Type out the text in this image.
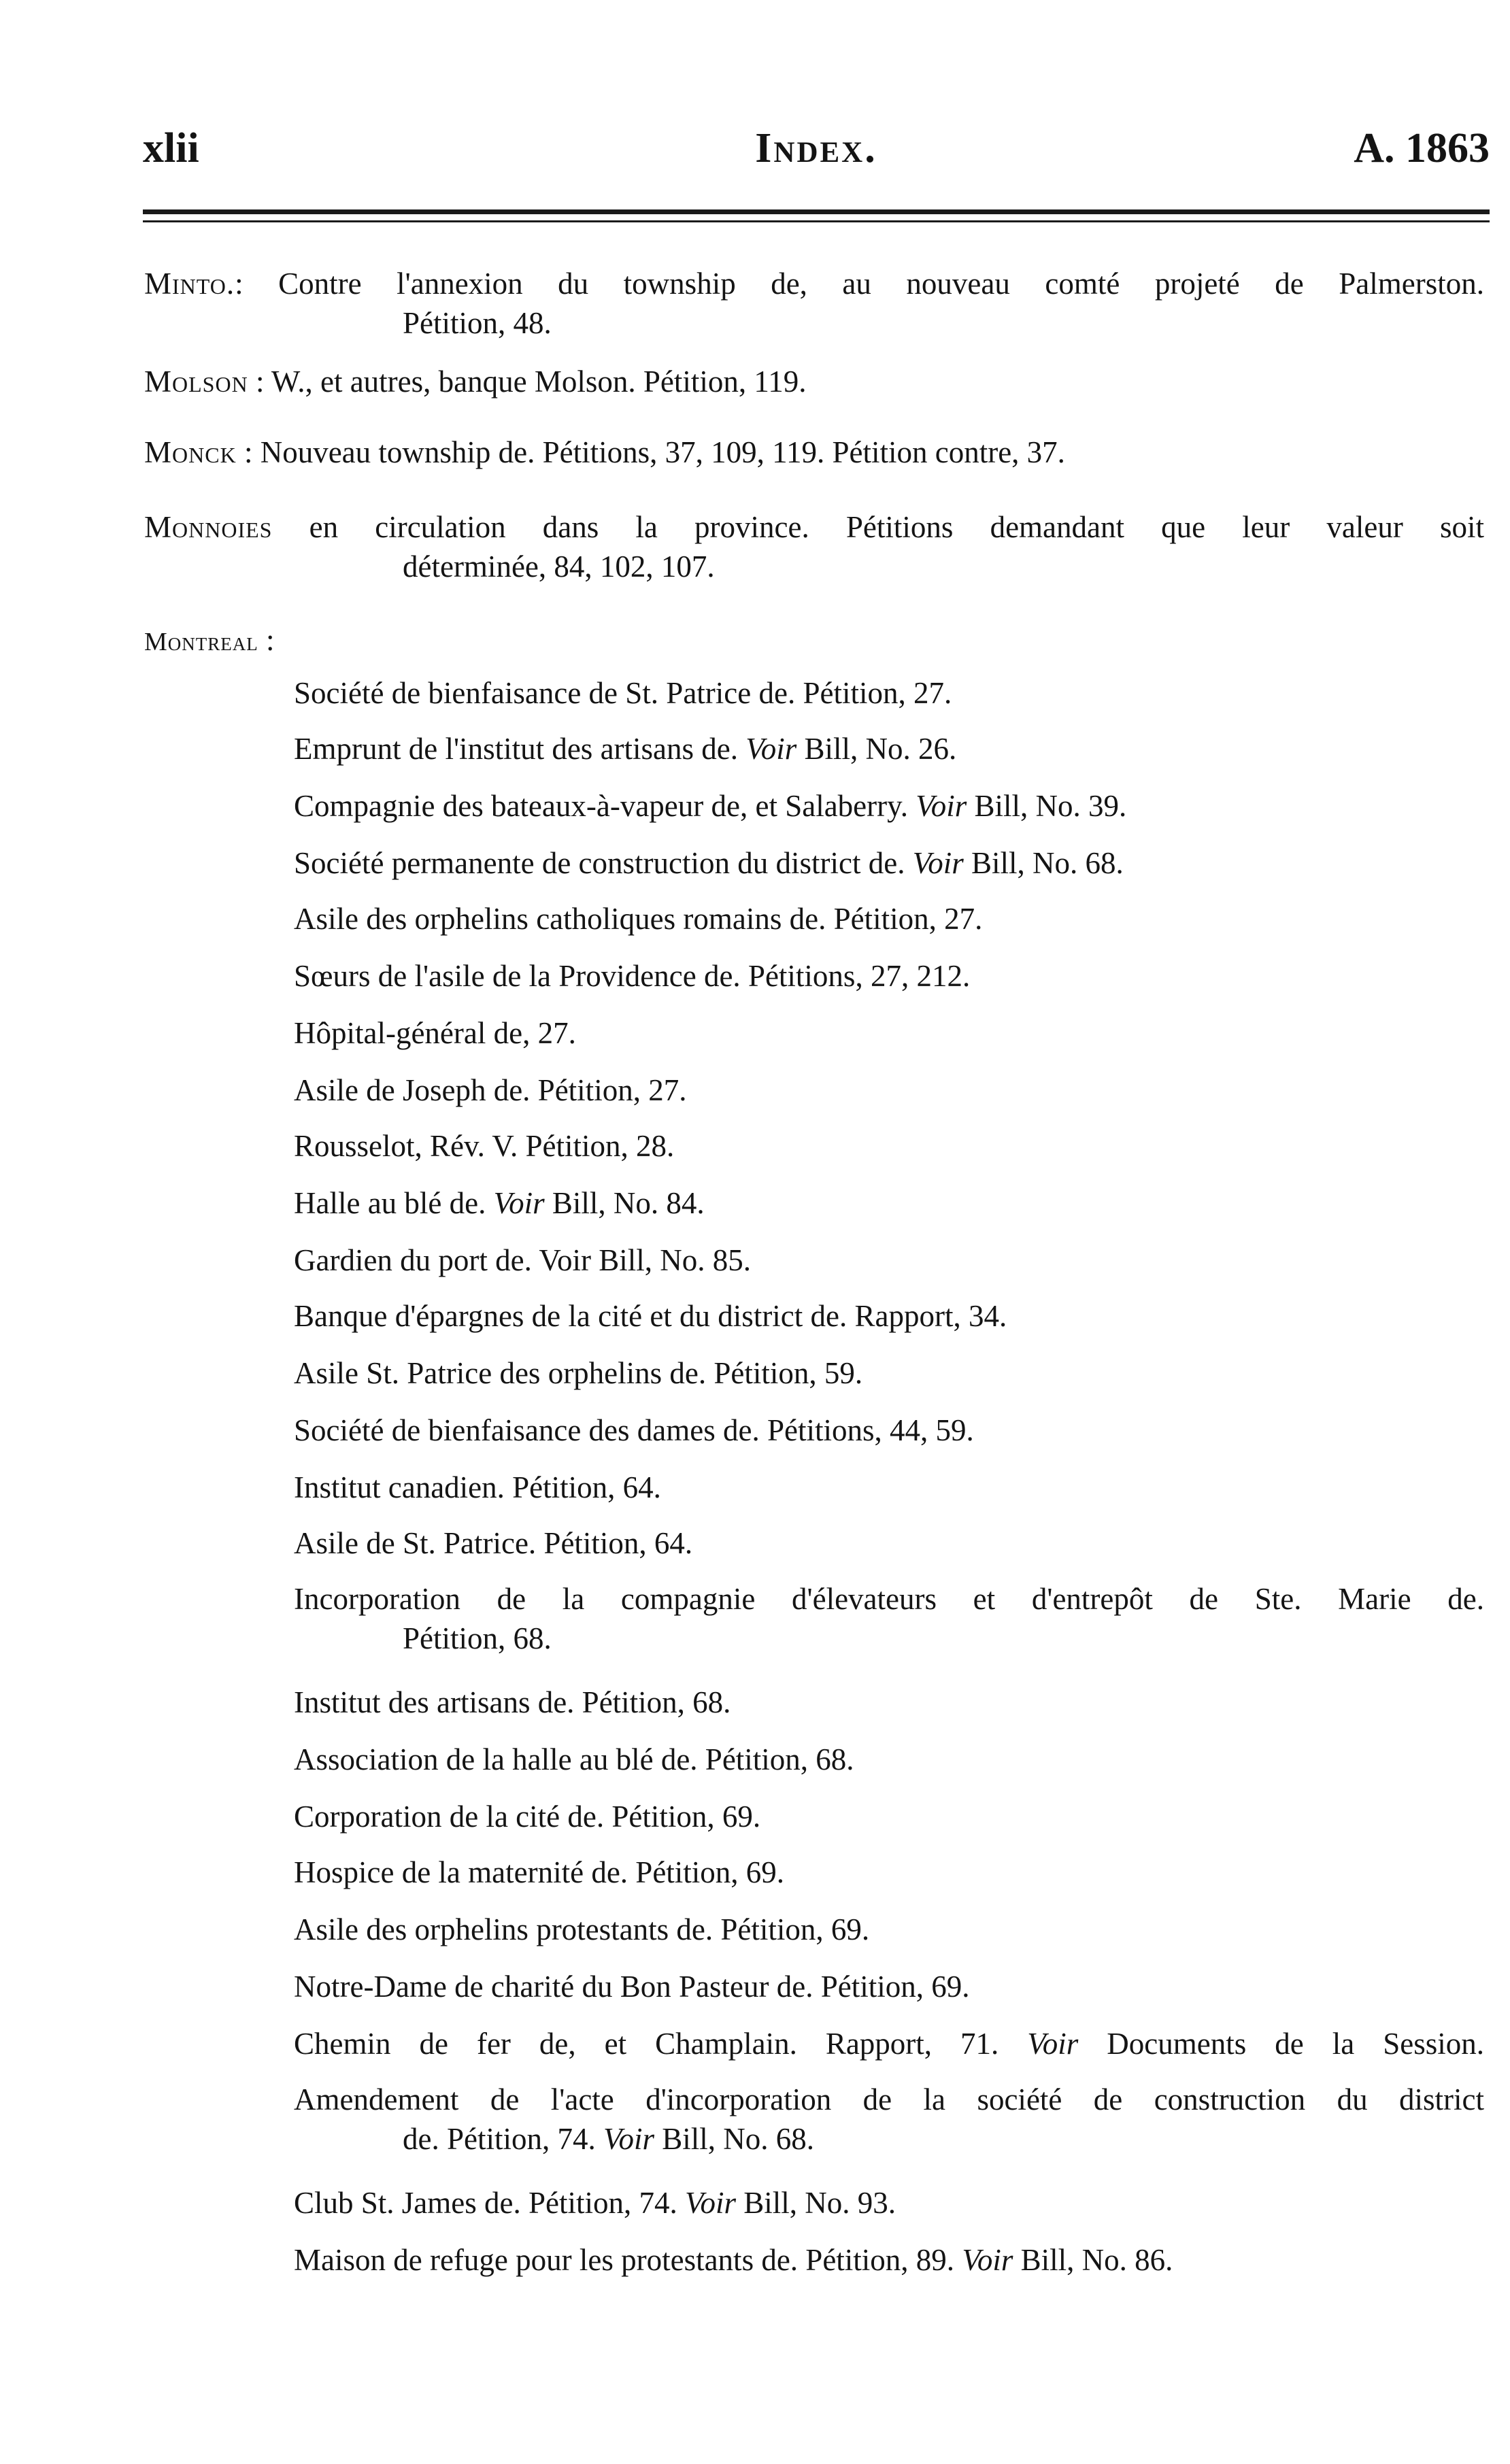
xlii	Index.	A. 1863
Minto.: Contre l'annexion du township de, au nouveau comté projeté de Palmerston.
Pétition, 48.
Molson : W., et autres, banque Molson. Pétition, 119.
Monck : Nouveau township de. Pétitions, 37, 109, 119. Pétition contre, 37.
Monnoies en circulation dans la province. Pétitions demandant que leur valeur soit
déterminée, 84, 102, 107.
Montreal :
Société de bienfaisance de St. Patrice de. Pétition, 27.
Emprunt de l'institut des artisans de. Voir Bill, No. 26.
Compagnie des bateaux-à-vapeur de, et Salaberry. Voir Bill, No. 39.
Société permanente de construction du district de. Voir Bill, No. 68.
Asile des orphelins catholiques romains de. Pétition, 27.
Sœurs de l'asile de la Providence de. Pétitions, 27, 212.
Hôpital-général de, 27.
Asile de Joseph de. Pétition, 27.
Rousselot, Rév. V. Pétition, 28.
Halle au blé de. Voir Bill, No. 84.
Gardien du port de. Voir Bill, No. 85.
Banque d'épargnes de la cité et du district de. Rapport, 34.
Asile St. Patrice des orphelins de. Pétition, 59.
Société de bienfaisance des dames de. Pétitions, 44, 59.
Institut canadien. Pétition, 64.
Asile de St. Patrice. Pétition, 64.
Incorporation de la compagnie d'élevateurs et d'entrepôt de Ste. Marie de.
Pétition, 68.
Institut des artisans de. Pétition, 68.
Association de la halle au blé de. Pétition, 68.
Corporation de la cité de. Pétition, 69.
Hospice de la maternité de. Pétition, 69.
Asile des orphelins protestants de. Pétition, 69.
Notre-Dame de charité du Bon Pasteur de. Pétition, 69.
Chemin de fer de, et Champlain. Rapport, 71. Voir Documents de la Session.
Amendement de l'acte d'incorporation de la société de construction du district
de. Pétition, 74. Voir Bill, No. 68.
Club St. James de. Pétition, 74. Voir Bill, No. 93.
Maison de refuge pour les protestants de. Pétition, 89. Voir Bill, No. 86.
